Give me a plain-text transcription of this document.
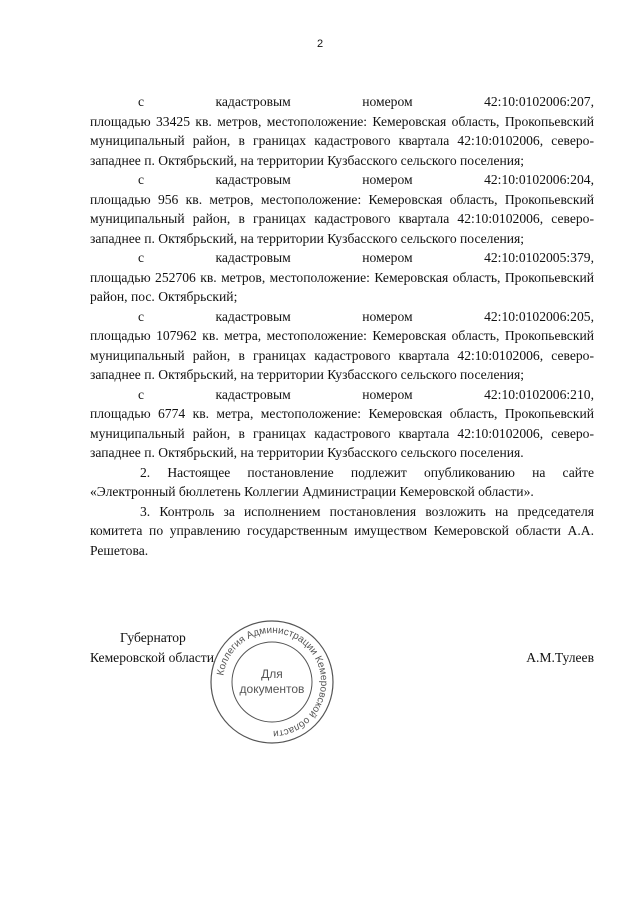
2
с	кадастровым	номером	42:10:0102006:207,

площадью 33425 кв. метров, местоположение: Кемеровская область, Прокопьевский муниципальный район, в границах кадастрового квартала 42:10:0102006, северо-западнее п. Октябрьский, на территории Кузбасского сельского поселения;

с	кадастровым	номером	42:10:0102006:204,

площадью 956 кв. метров, местоположение: Кемеровская область, Прокопьевский муниципальный район, в границах кадастрового квартала 42:10:0102006, северо-западнее п. Октябрьский, на территории Кузбасского сельского поселения;

с	кадастровым	номером	42:10:0102005:379,

площадью 252706 кв. метров, местоположение: Кемеровская область, Прокопьевский район, пос. Октябрьский;

с	кадастровым	номером	42:10:0102006:205,

площадью 107962 кв. метра, местоположение: Кемеровская область, Прокопьевский муниципальный район, в границах кадастрового квартала 42:10:0102006, северо-западнее п. Октябрьский, на территории Кузбасского сельского поселения;

с	кадастровым	номером	42:10:0102006:210,

площадью 6774 кв. метра, местоположение: Кемеровская область, Прокопьевский муниципальный район, в границах кадастрового квартала 42:10:0102006, северо-западнее п. Октябрьский, на территории Кузбасского сельского поселения.

2. Настоящее постановление подлежит опубликованию на сайте «Электронный бюллетень Коллегии Администрации Кемеровской области».

3. Контроль за исполнением постановления возложить на председателя комитета по управлению государственным имуществом Кемеровской области А.А. Решетова.

Губернатор
Кемеровской области	А.М.Тулеев
Коллегия Администрации Кемеровской области
Для
документов
